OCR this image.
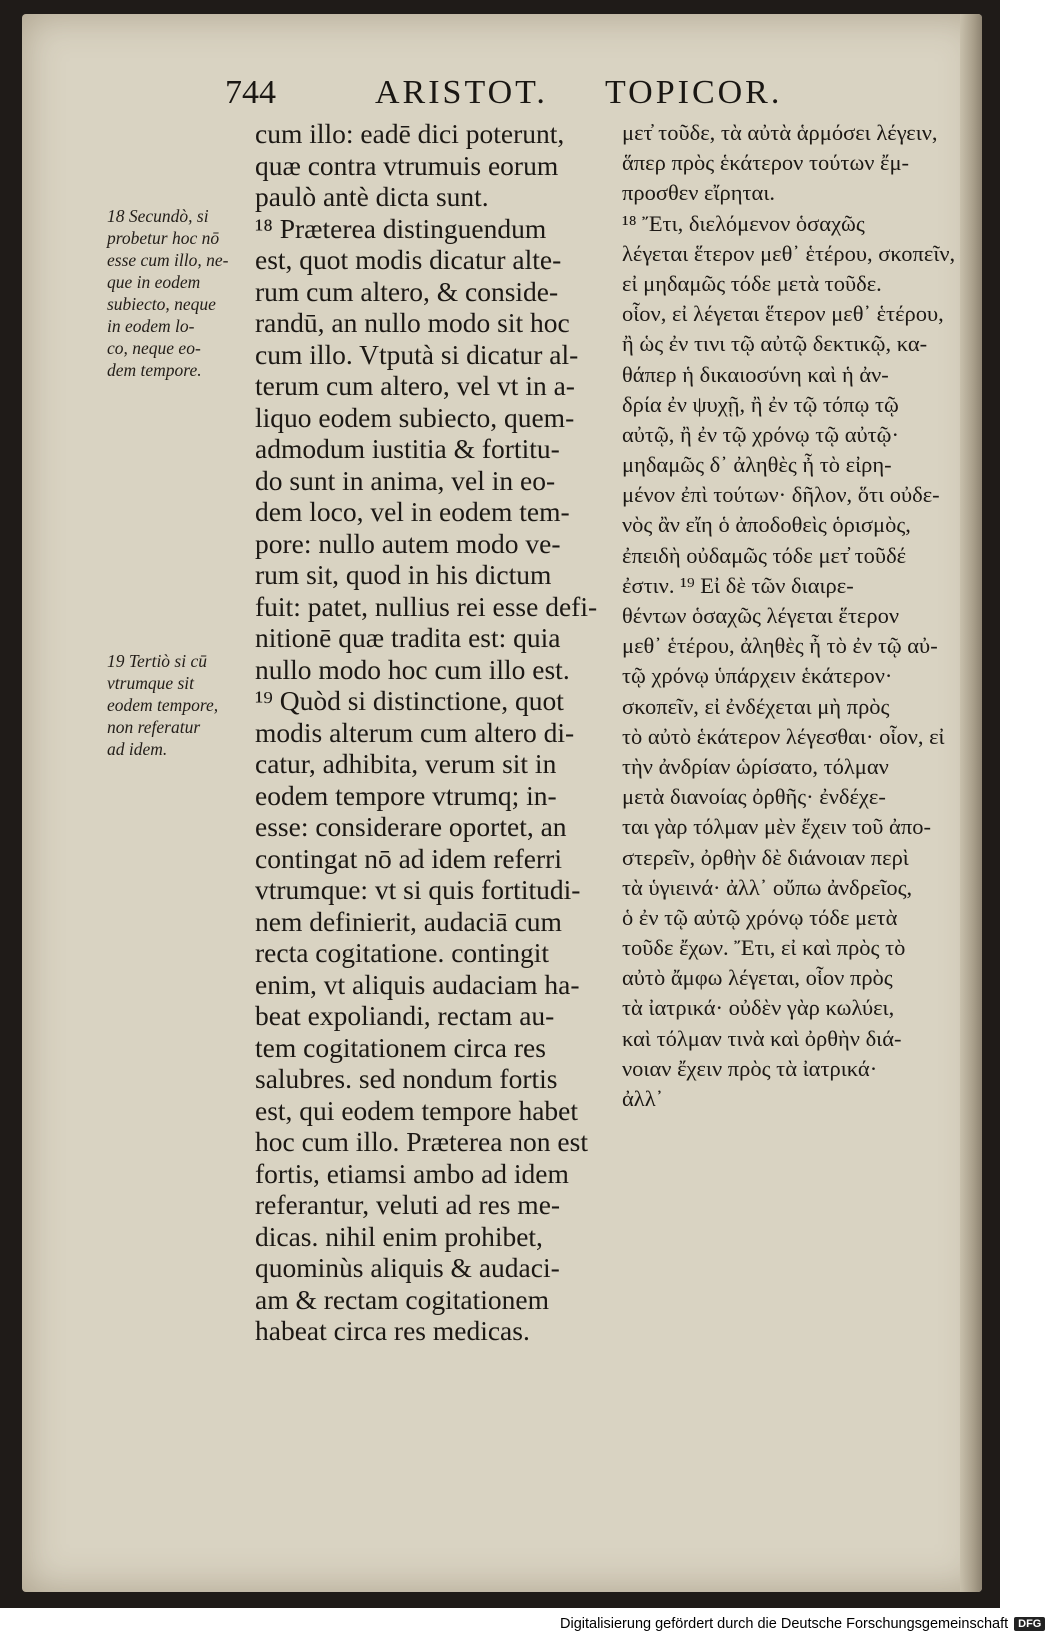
744	ARISTOT. TOPICOR.
18 Secundò, si
probetur hoc nō
esse cum illo, ne-
que in eodem
subiecto, neque
in eodem lo-
co, neque eo-
dem tempore.
19 Tertiò si cū
vtrumque sit
eodem tempore,
non referatur
ad idem.
cum illo: eadē dici poterunt,
quæ contra vtrumuis eorum
paulò antè dicta sunt.
¹⁸ Præterea distinguendum
est, quot modis dicatur alte-
rum cum altero, & conside-
randū, an nullo modo sit hoc
cum illo. Vtputà si dicatur al-
terum cum altero, vel vt in a-
liquo eodem subiecto, quem-
admodum iustitia & fortitu-
do sunt in anima, vel in eo-
dem loco, vel in eodem tem-
pore: nullo autem modo ve-
rum sit, quod in his dictum
fuit: patet, nullius rei esse defi-
nitionē quæ tradita est: quia
nullo modo hoc cum illo est.
¹⁹ Quòd si distinctione, quot
modis alterum cum altero di-
catur, adhibita, verum sit in
eodem tempore vtrumq; in-
esse: considerare oportet, an
contingat nō ad idem referri
vtrumque: vt si quis fortitudi-
nem definierit, audaciā cum
recta cogitatione. contingit
enim, vt aliquis audaciam ha-
beat expoliandi, rectam au-
tem cogitationem circa res
salubres. sed nondum fortis
est, qui eodem tempore habet
hoc cum illo. Præterea non est
fortis, etiamsi ambo ad idem
referantur, veluti ad res me-
dicas. nihil enim prohibet,
quominùs aliquis & audaci-
am & rectam cogitationem
habeat circa res medicas.
μετ̓ τοῦδε, τὰ αὐτὰ ἁρμόσει λέγειν,
ἅπερ πρὸς ἑκάτερον τούτων ἔμ-
προσθεν εἴρηται.
¹⁸ Ἔτι, διελόμενον ὁσαχῶς
λέγεται ἕτερον μεθ᾽ ἑτέρου, σκοπεῖν,
εἰ μηδαμῶς τόδε μετὰ τοῦδε.
οἷον, εἰ λέγεται ἕτερον μεθ᾽ ἑτέρου,
ἢ ὡς ἐν τινι τῷ αὐτῷ δεκτικῷ, κα-
θάπερ ἡ δικαιοσύνη καὶ ἡ ἀν-
δρία ἐν ψυχῇ, ἢ ἐν τῷ τόπῳ τῷ
αὐτῷ, ἢ ἐν τῷ χρόνῳ τῷ αὐτῷ·
μηδαμῶς δ᾽ ἀληθὲς ἦ τὸ εἰρη-
μένον ἐπὶ τούτων· δῆλον, ὅτι οὐδε-
νὸς ἂν εἴη ὁ ἀποδοθεὶς ὁρισμὸς,
ἐπειδὴ οὐδαμῶς τόδε μετ̓ τοῦδέ
ἐστιν. ¹⁹ Εἰ δὲ τῶν διαιρε-
θέντων ὁσαχῶς λέγεται ἕτερον
μεθ᾽ ἑτέρου, ἀληθὲς ἦ τὸ ἐν τῷ αὐ-
τῷ χρόνῳ ὑπάρχειν ἑκάτερον·
σκοπεῖν, εἰ ἐνδέχεται μὴ πρὸς
τὸ αὐτὸ ἑκάτερον λέγεσθαι· οἷον, εἰ
τὴν ἀνδρίαν ὡρίσατο, τόλμαν
μετὰ διανοίας ὀρθῆς· ἐνδέχε-
ται γὰρ τόλμαν μὲν ἔχειν τοῦ ἀπο-
στερεῖν, ὀρθὴν δὲ διάνοιαν περὶ
τὰ ὑγιεινά· ἀλλ᾽ οὔπω ἀνδρεῖος,
ὁ ἐν τῷ αὐτῷ χρόνῳ τόδε μετὰ
τοῦδε ἔχων. Ἔτι, εἰ καὶ πρὸς τὸ
αὐτὸ ἄμφω λέγεται, οἷον πρὸς
τὰ ἰατρικά· οὐδὲν γὰρ κωλύει,
καὶ τόλμαν τινὰ καὶ ὀρθὴν διά-
νοιαν ἔχειν πρὸς τὰ ἰατρικά·
ἀλλ᾽
Digitalisierung gefördert durch die Deutsche Forschungsgemeinschaft DFG
